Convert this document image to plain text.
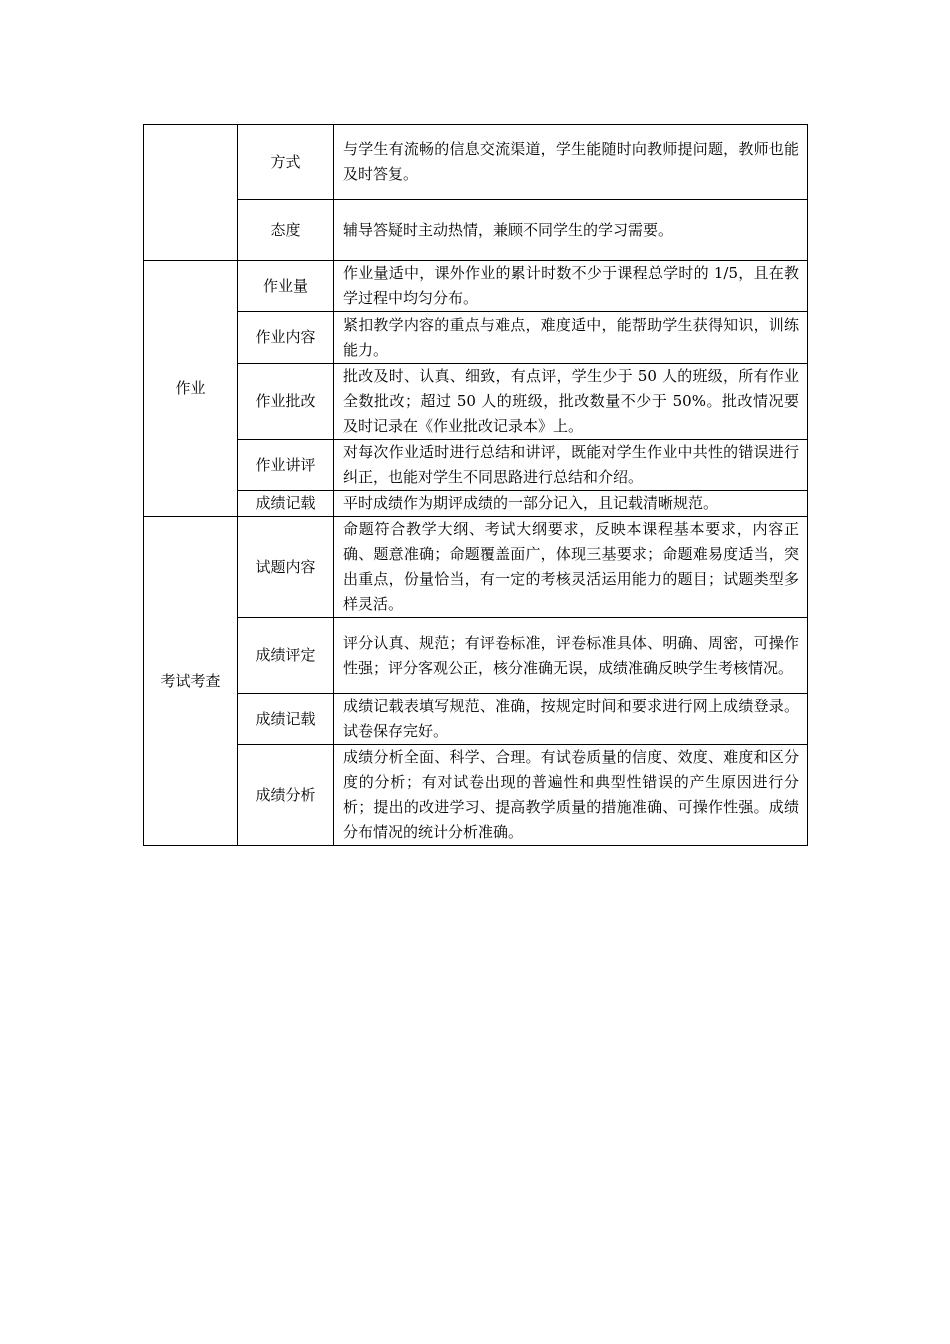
	方式	与学生有流畅的信息交流渠道，学生能随时向教师提问题，教师也能及时答复。
	态度	辅导答疑时主动热情，兼顾不同学生的学习需要。
作业	作业量	作业量适中，课外作业的累计时数不少于课程总学时的 1/5，且在教学过程中均匀分布。
	作业内容	紧扣教学内容的重点与难点，难度适中，能帮助学生获得知识，训练能力。
	作业批改	批改及时、认真、细致，有点评，学生少于 50 人的班级，所有作业全数批改；超过 50 人的班级，批改数量不少于 50%。批改情况要及时记录在《作业批改记录本》上。
	作业讲评	对每次作业适时进行总结和讲评，既能对学生作业中共性的错误进行纠正，也能对学生不同思路进行总结和介绍。
	成绩记载	平时成绩作为期评成绩的一部分记入，且记载清晰规范。
考试考查	试题内容	命题符合教学大纲、考试大纲要求，反映本课程基本要求，内容正确、题意准确；命题覆盖面广，体现三基要求；命题难易度适当，突出重点，份量恰当，有一定的考核灵活运用能力的题目；试题类型多样灵活。
	成绩评定	评分认真、规范；有评卷标准，评卷标准具体、明确、周密，可操作性强；评分客观公正，核分准确无误，成绩准确反映学生考核情况。
	成绩记载	成绩记载表填写规范、准确，按规定时间和要求进行网上成绩登录。试卷保存完好。
	成绩分析	成绩分析全面、科学、合理。有试卷质量的信度、效度、难度和区分度的分析；有对试卷出现的普遍性和典型性错误的产生原因进行分析；提出的改进学习、提高教学质量的措施准确、可操作性强。成绩分布情况的统计分析准确。
